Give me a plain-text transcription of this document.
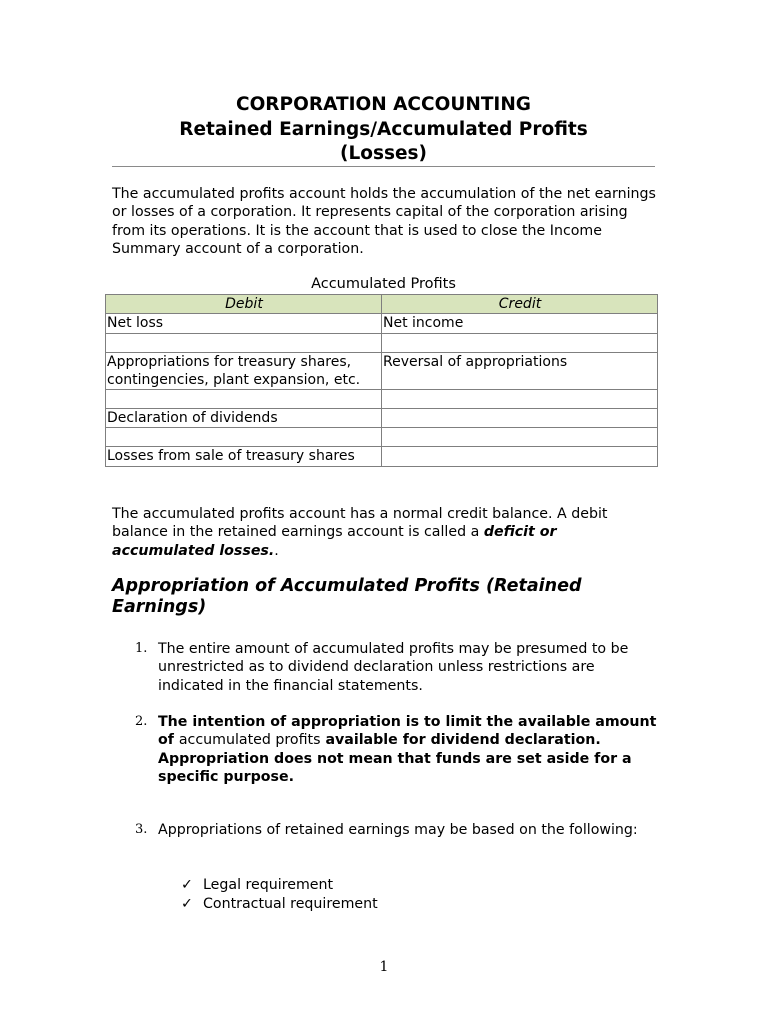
CORPORATION ACCOUNTING
Retained Earnings/Accumulated Profits
(Losses)
The accumulated profits account holds the accumulation of the net earnings or losses of a corporation. It represents capital of the corporation arising from its operations. It is the account that is used to close the Income Summary account of a corporation.
Accumulated Profits
Debit	Credit
Net loss	Net income

Appropriations for treasury shares,
contingencies, plant expansion, etc.	Reversal of appropriations

Declaration of dividends	

Losses from sale of treasury shares	
The accumulated profits account has a normal credit balance. A debit balance in the retained earnings account is called a deficit or accumulated losses..
Appropriation of Accumulated Profits (Retained Earnings)
1. The entire amount of accumulated profits may be presumed to be unrestricted as to dividend declaration unless restrictions are indicated in the financial statements.
2. The intention of appropriation is to limit the available amount of accumulated profits available for dividend declaration. Appropriation does not mean that funds are set aside for a specific purpose.
3. Appropriations of retained earnings may be based on the following:
✓ Legal requirement
✓ Contractual requirement
1
